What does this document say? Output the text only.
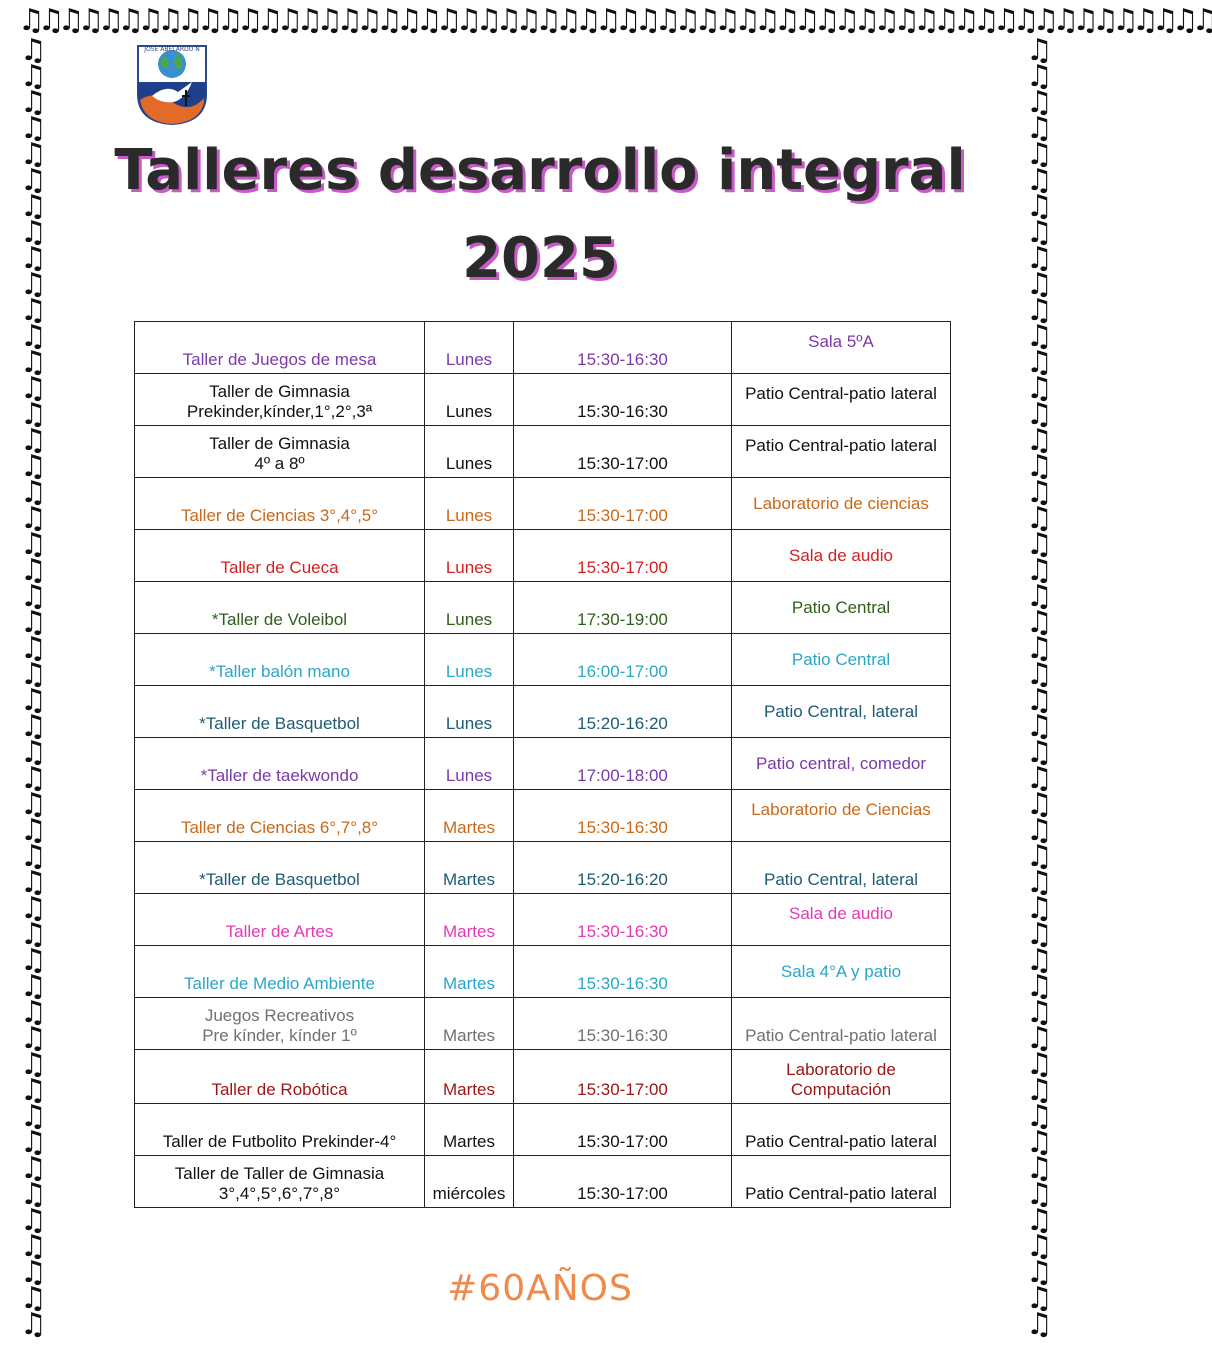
♫♫♫♫♫♫♫♫♫♫♫♫♫♫♫♫♫♫♫♫♫♫♫♫♫♫♫♫♫♫♫♫♫♫♫♫♫♫♫♫♫♫♫♫♫♫♫♫♫♫♫♫♫♫♫♫♫♫♫♫
♫
♫
♫
♫
♫
♫
♫
♫
♫
♫
♫
♫
♫
♫
♫
♫
♫
♫
♫
♫
♫
♫
♫
♫
♫
♫
♫
♫
♫
♫
♫
♫
♫
♫
♫
♫
♫
♫
♫
♫
♫
♫
♫
♫
♫
♫
♫
♫
♫
♫
♫
♫
♫
♫
♫
♫
♫
♫
♫
♫
♫
♫
♫
♫
♫
♫
♫
♫
♫
♫
♫
♫
♫
♫
♫
♫
♫
♫
♫
♫
♫
♫
♫
♫
♫
♫
♫
♫
♫
♫
♫
♫
♫
♫
♫
♫
♫
♫
♫
♫
JOSÉ ABELARDO N
Talleres desarrollo integral
2025
Taller de Juegos de mesa	Lunes	15:30-16:30	Sala 5ºA

Taller de Gimnasia
Prekinder,kínder,1°,2°,3ª	Lunes	15:30-16:30	Patio Central-patio lateral

Taller de Gimnasia
4º a 8º	Lunes	15:30-17:00	Patio Central-patio lateral

Taller de Ciencias 3°,4°,5°	Lunes	15:30-17:00	Laboratorio de ciencias

Taller de Cueca	Lunes	15:30-17:00	Sala de audio

*Taller de Voleibol	Lunes	17:30-19:00	Patio Central

*Taller balón mano	Lunes	16:00-17:00	Patio Central

*Taller de Basquetbol	Lunes	15:20-16:20	Patio Central, lateral

*Taller de taekwondo	Lunes	17:00-18:00	Patio central, comedor

Taller de Ciencias 6°,7°,8°	Martes	15:30-16:30	Laboratorio de Ciencias

*Taller de Basquetbol	Martes	15:20-16:20	Patio Central, lateral

Taller de Artes	Martes	15:30-16:30	Sala de audio

Taller de Medio Ambiente	Martes	15:30-16:30	Sala 4°A y patio

Juegos Recreativos
Pre kínder, kínder 1º	Martes	15:30-16:30	Patio Central-patio lateral

Taller de Robótica	Martes	15:30-17:00	Laboratorio de
Computación

Taller de Futbolito Prekinder-4°	Martes	15:30-17:00	Patio Central-patio lateral

Taller de Taller de Gimnasia
3°,4°,5°,6°,7°,8°	miércoles	15:30-17:00	Patio Central-patio lateral
#60AÑOS
